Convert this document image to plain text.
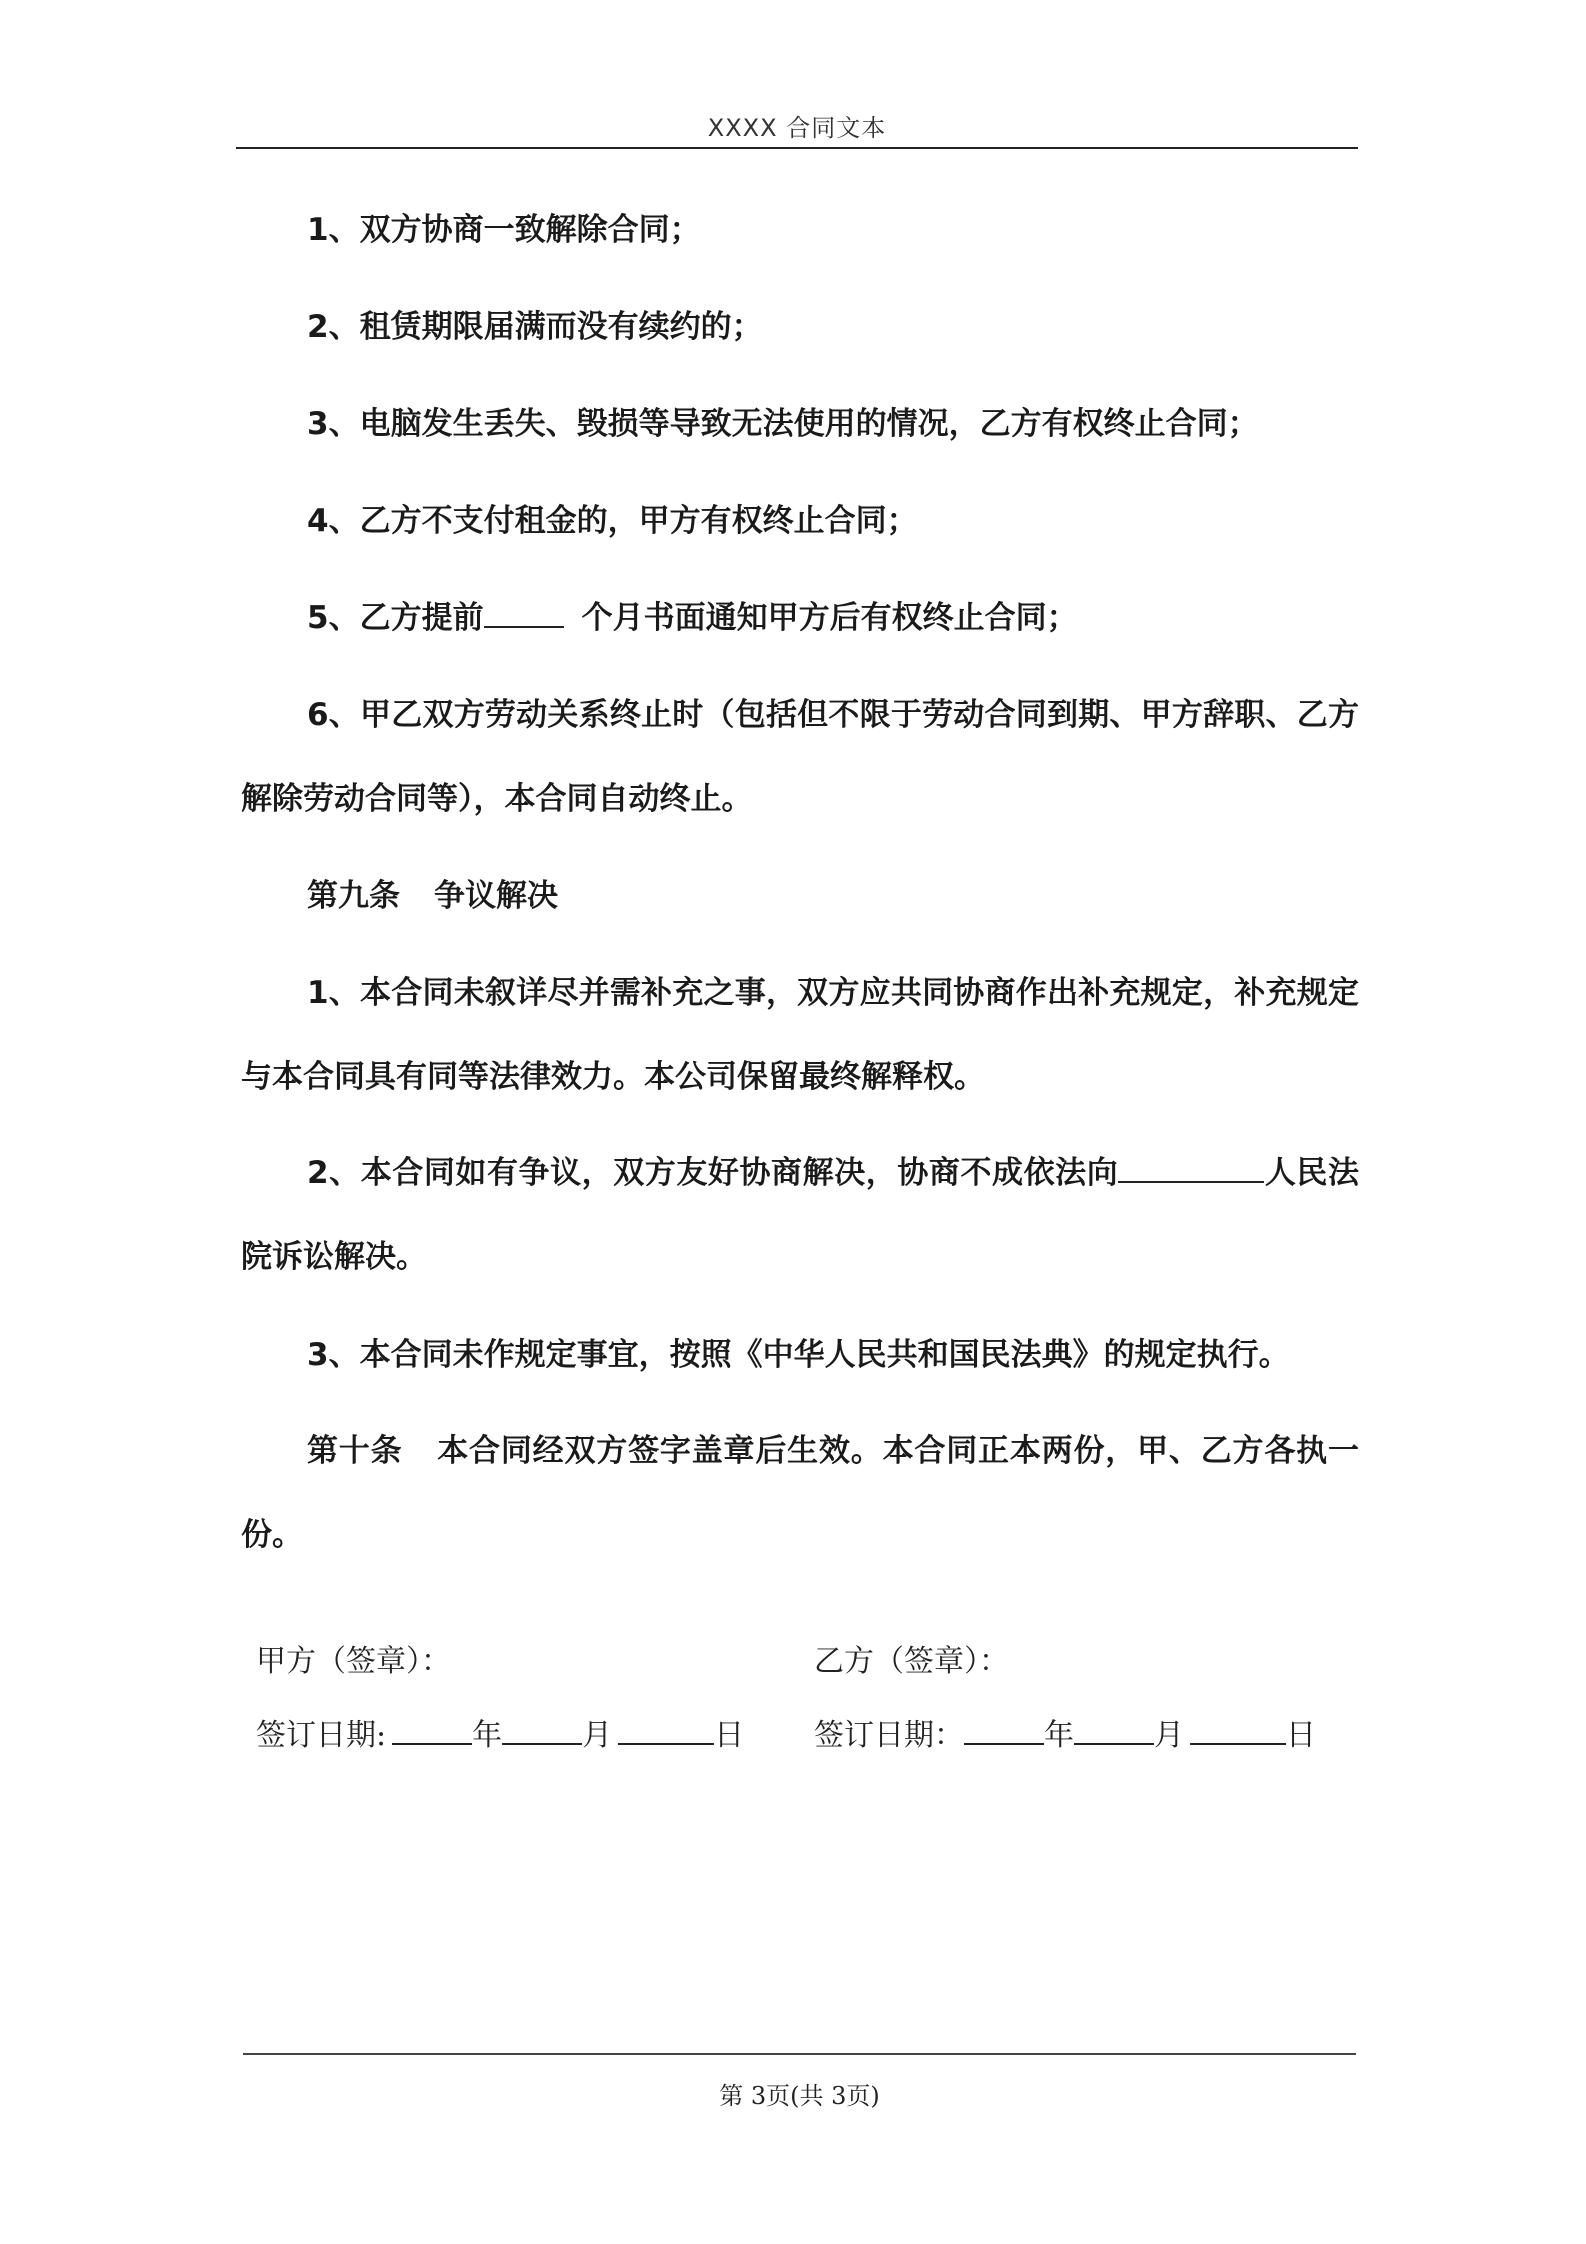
XXXX 合同文本
1、双方协商一致解除合同；
2、租赁期限届满而没有续约的；
3、电脑发生丢失、毁损等导致无法使用的情况，乙方有权终止合同；
4、乙方不支付租金的，甲方有权终止合同；
5、乙方提前	个月书面通知甲方后有权终止合同；
6、甲乙双方劳动关系终止时（包括但不限于劳动合同到期、甲方辞职、乙方解除劳动合同等），本合同自动终止。
第九条 争议解决
1、本合同未叙详尽并需补充之事，双方应共同协商作出补充规定，补充规定与本合同具有同等法律效力。本公司保留最终解释权。
2、本合同如有争议，双方友好协商解决，协商不成依法向	人民法院诉讼解决。
3、本合同未作规定事宜，按照《中华人民共和国民法典》的规定执行。
第十条 本合同经双方签字盖章后生效。本合同正本两份，甲、乙方各执一份。
甲方（签章）：	乙方（签章）：
签订日期:	年	月	日 签订日期：	年	月	日
第 3页(共 3页)
